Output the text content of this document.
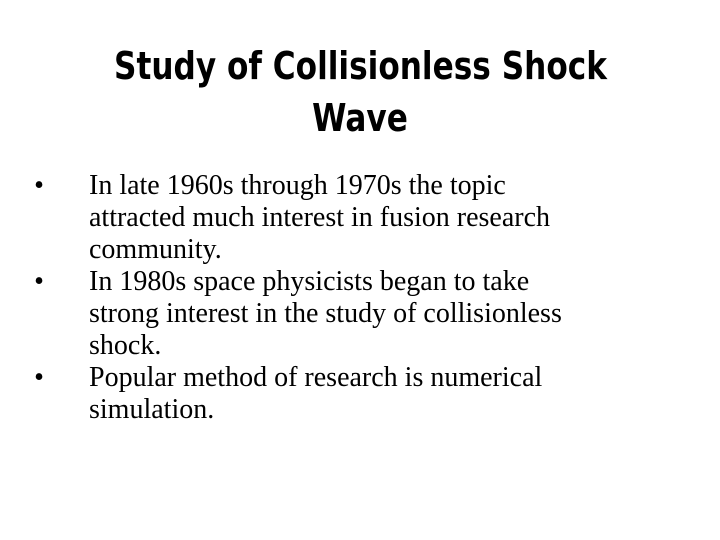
Study of Collisionless Shock
Wave
• In late 1960s through 1970s the topic
attracted much interest in fusion research
community.
• In 1980s space physicists began to take
strong interest in the study of collisionless
shock.
• Popular method of research is numerical
simulation.
